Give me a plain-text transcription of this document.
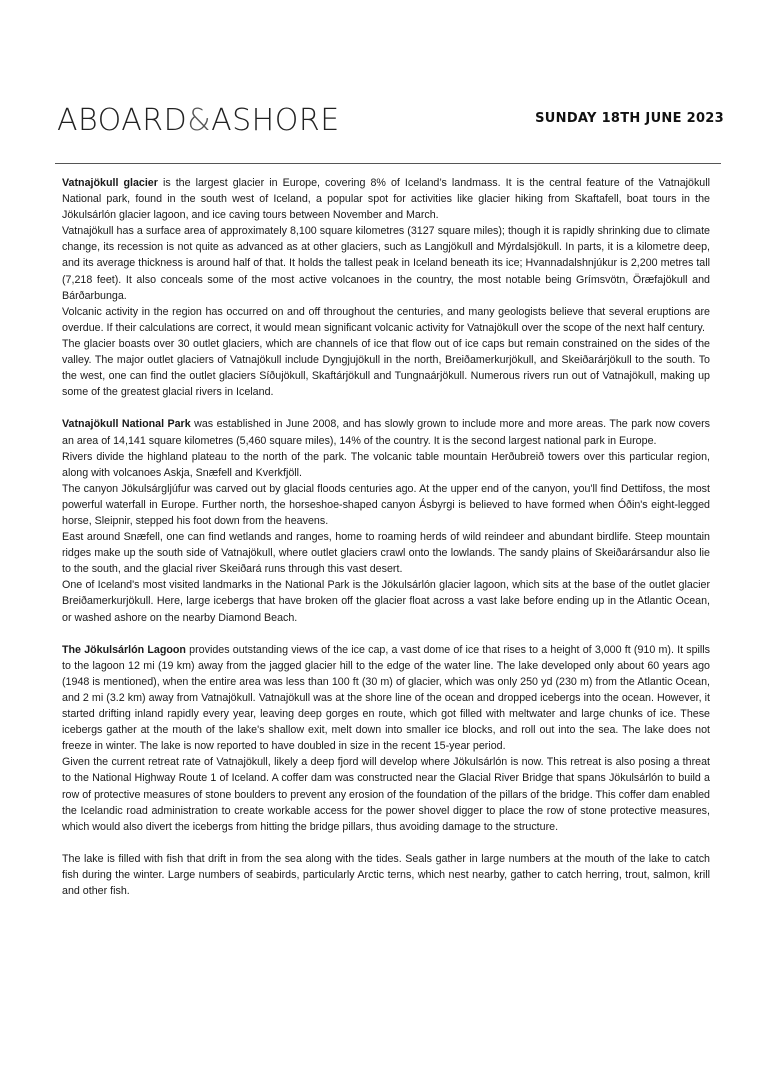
ABOARD&ASHORE	SUNDAY 18TH JUNE 2023

Vatnajökull glacier is the largest glacier in Europe, covering 8% of Iceland’s landmass. It is the central feature of the Vatnajökull National park, found in the south west of Iceland, a popular spot for activities like glacier hiking from Skaftafell, boat tours in the Jökulsárlón glacier lagoon, and ice caving tours between November and March.

Vatnajökull has a surface area of approximately 8,100 square kilometres (3127 square miles); though it is rapidly shrinking due to climate change, its recession is not quite as advanced as at other glaciers, such as Langjökull and Mýrdalsjökull. In parts, it is a kilometre deep, and its average thickness is around half of that. It holds the tallest peak in Iceland beneath its ice; Hvannadalshnjúkur is 2,200 metres tall (7,218 feet). It also conceals some of the most active volcanoes in the country, the most notable being Grímsvötn, Öræfajökull and Bárðarbunga.

Volcanic activity in the region has occurred on and off throughout the centuries, and many geologists believe that several eruptions are overdue. If their calculations are correct, it would mean significant volcanic activity for Vatnajökull over the scope of the next half century.

The glacier boasts over 30 outlet glaciers, which are channels of ice that flow out of ice caps but remain constrained on the sides of the valley. The major outlet glaciers of Vatnajökull include Dyngjujökull in the north, Breiðamerkurjökull, and Skeiðarárjökull to the south. To the west, one can find the outlet glaciers Síðujökull, Skaftárjökull and Tungnaárjökull. Numerous rivers run out of Vatnajökull, making up some of the greatest glacial rivers in Iceland.

Vatnajökull National Park was established in June 2008, and has slowly grown to include more and more areas. The park now covers an area of 14,141 square kilometres (5,460 square miles), 14% of the country. It is the second largest national park in Europe.

Rivers divide the highland plateau to the north of the park. The volcanic table mountain Herðubreið towers over this particular region, along with volcanoes Askja, Snæfell and Kverkfjöll.

The canyon Jökulsárgljúfur was carved out by glacial floods centuries ago. At the upper end of the canyon, you'll find Dettifoss, the most powerful waterfall in Europe. Further north, the horseshoe-shaped canyon Ásbyrgi is believed to have formed when Óðin's eight-legged horse, Sleipnir, stepped his foot down from the heavens.

East around Snæfell, one can find wetlands and ranges, home to roaming herds of wild reindeer and abundant birdlife. Steep mountain ridges make up the south side of Vatnajökull, where outlet glaciers crawl onto the lowlands. The sandy plains of Skeiðarársandur also lie to the south, and the glacial river Skeiðará runs through this vast desert.

One of Iceland's most visited landmarks in the National Park is the Jökulsárlón glacier lagoon, which sits at the base of the outlet glacier Breiðamerkurjökull. Here, large icebergs that have broken off the glacier float across a vast lake before ending up in the Atlantic Ocean, or washed ashore on the nearby Diamond Beach.

The Jökulsárlón Lagoon provides outstanding views of the ice cap, a vast dome of ice that rises to a height of 3,000 ft (910 m). It spills to the lagoon 12 mi (19 km) away from the jagged glacier hill to the edge of the water line. The lake developed only about 60 years ago (1948 is mentioned), when the entire area was less than 100 ft (30 m) of glacier, which was only 250 yd (230 m) from the Atlantic Ocean, and 2 mi (3.2 km) away from Vatnajökull. Vatnajökull was at the shore line of the ocean and dropped icebergs into the ocean. However, it started drifting inland rapidly every year, leaving deep gorges en route, which got filled with meltwater and large chunks of ice. These icebergs gather at the mouth of the lake's shallow exit, melt down into smaller ice blocks, and roll out into the sea. The lake does not freeze in winter. The lake is now reported to have doubled in size in the recent 15-year period.

Given the current retreat rate of Vatnajökull, likely a deep fjord will develop where Jökulsárlón is now. This retreat is also posing a threat to the National Highway Route 1 of Iceland. A coffer dam was constructed near the Glacial River Bridge that spans Jökulsárlón to build a row of protective measures of stone boulders to prevent any erosion of the foundation of the pillars of the bridge. This coffer dam enabled the Icelandic road administration to create workable access for the power shovel digger to place the row of stone protective measures, which would also divert the icebergs from hitting the bridge pillars, thus avoiding damage to the structure.

The lake is filled with fish that drift in from the sea along with the tides. Seals gather in large numbers at the mouth of the lake to catch fish during the winter. Large numbers of seabirds, particularly Arctic terns, which nest nearby, gather to catch herring, trout, salmon, krill and other fish.
